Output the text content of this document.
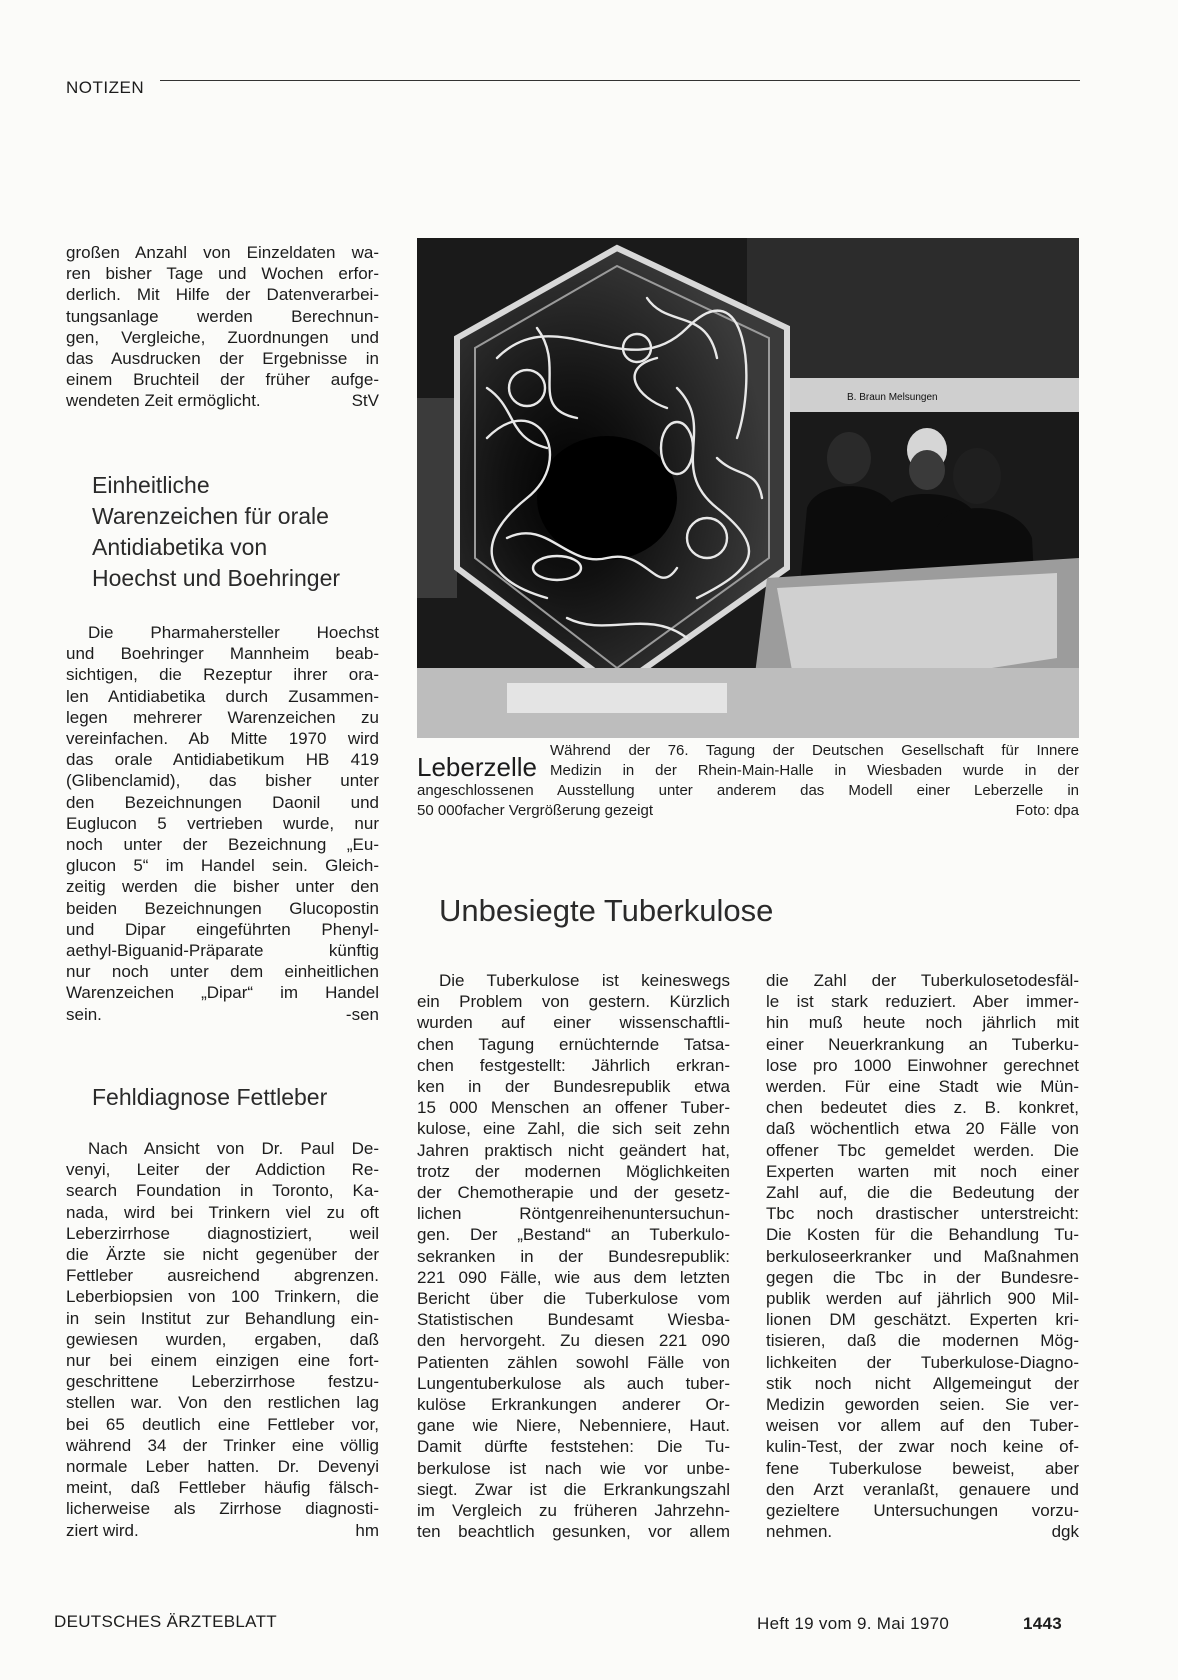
NOTIZEN
großen Anzahl von Einzeldaten wa-
ren bisher Tage und Wochen erfor-
derlich. Mit Hilfe der Datenverarbei-
tungsanlage werden Berechnun-
gen, Vergleiche, Zuordnungen und
das Ausdrucken der Ergebnisse in
einem Bruchteil der früher aufge-
wendeten Zeit ermöglicht.	StV
Einheitliche
Warenzeichen für orale
Antidiabetika von
Hoechst und Boehringer
Die Pharmahersteller Hoechst
und Boehringer Mannheim beab-
sichtigen, die Rezeptur ihrer ora-
len Antidiabetika durch Zusammen-
legen mehrerer Warenzeichen zu
vereinfachen. Ab Mitte 1970 wird
das orale Antidiabetikum HB 419
(Glibenclamid), das bisher unter
den Bezeichnungen Daonil und
Euglucon 5 vertrieben wurde, nur
noch unter der Bezeichnung „Eu-
glucon 5“ im Handel sein. Gleich-
zeitig werden die bisher unter den
beiden Bezeichnungen Glucopostin
und Dipar eingeführten Phenyl-
aethyl-Biguanid-Präparate künftig
nur noch unter dem einheitlichen
Warenzeichen „Dipar“ im Handel
sein.	-sen
Fehldiagnose Fettleber
Nach Ansicht von Dr. Paul De-
venyi, Leiter der Addiction Re-
search Foundation in Toronto, Ka-
nada, wird bei Trinkern viel zu oft
Leberzirrhose diagnostiziert, weil
die Ärzte sie nicht gegenüber der
Fettleber ausreichend abgrenzen.
Leberbiopsien von 100 Trinkern, die
in sein Institut zur Behandlung ein-
gewiesen wurden, ergaben, daß
nur bei einem einzigen eine fort-
geschrittene Leberzirrhose festzu-
stellen war. Von den restlichen lag
bei 65 deutlich eine Fettleber vor,
während 34 der Trinker eine völlig
normale Leber hatten. Dr. Devenyi
meint, daß Fettleber häufig fälsch-
licherweise als Zirrhose diagnosti-
ziert wird.	hm
B. Braun Melsungen
Leberzelle
Während der 76. Tagung der Deutschen Gesellschaft für Innere
Medizin in der Rhein-Main-Halle in Wiesbaden wurde in der
angeschlossenen Ausstellung unter anderem das Modell einer Leberzelle in
50 000facher Vergrößerung gezeigt	Foto: dpa
Unbesiegte Tuberkulose
Die Tuberkulose ist keineswegs
ein Problem von gestern. Kürzlich
wurden auf einer wissenschaftli-
chen Tagung ernüchternde Tatsa-
chen festgestellt: Jährlich erkran-
ken in der Bundesrepublik etwa
15 000 Menschen an offener Tuber-
kulose, eine Zahl, die sich seit zehn
Jahren praktisch nicht geändert hat,
trotz der modernen Möglichkeiten
der Chemotherapie und der gesetz-
lichen Röntgenreihenuntersuchun-
gen. Der „Bestand“ an Tuberkulo-
sekranken in der Bundesrepublik:
221 090 Fälle, wie aus dem letzten
Bericht über die Tuberkulose vom
Statistischen Bundesamt Wiesba-
den hervorgeht. Zu diesen 221 090
Patienten zählen sowohl Fälle von
Lungentuberkulose als auch tuber-
kulöse Erkrankungen anderer Or-
gane wie Niere, Nebenniere, Haut.
Damit dürfte feststehen: Die Tu-
berkulose ist nach wie vor unbe-
siegt. Zwar ist die Erkrankungszahl
im Vergleich zu früheren Jahrzehn-
ten beachtlich gesunken, vor allem
die Zahl der Tuberkulosetodesfäl-
le ist stark reduziert. Aber immer-
hin muß heute noch jährlich mit
einer Neuerkrankung an Tuberku-
lose pro 1000 Einwohner gerechnet
werden. Für eine Stadt wie Mün-
chen bedeutet dies z. B. konkret,
daß wöchentlich etwa 20 Fälle von
offener Tbc gemeldet werden. Die
Experten warten mit noch einer
Zahl auf, die die Bedeutung der
Tbc noch drastischer unterstreicht:
Die Kosten für die Behandlung Tu-
berkuloseerkranker und Maßnahmen
gegen die Tbc in der Bundesre-
publik werden auf jährlich 900 Mil-
lionen DM geschätzt. Experten kri-
tisieren, daß die modernen Mög-
lichkeiten der Tuberkulose-Diagno-
stik noch nicht Allgemeingut der
Medizin geworden seien. Sie ver-
weisen vor allem auf den Tuber-
kulin-Test, der zwar noch keine of-
fene Tuberkulose beweist, aber
den Arzt veranlaßt, genauere und
gezieltere Untersuchungen vorzu-
nehmen.	dgk
DEUTSCHES ÄRZTEBLATT	Heft 19 vom 9. Mai 1970	1443
